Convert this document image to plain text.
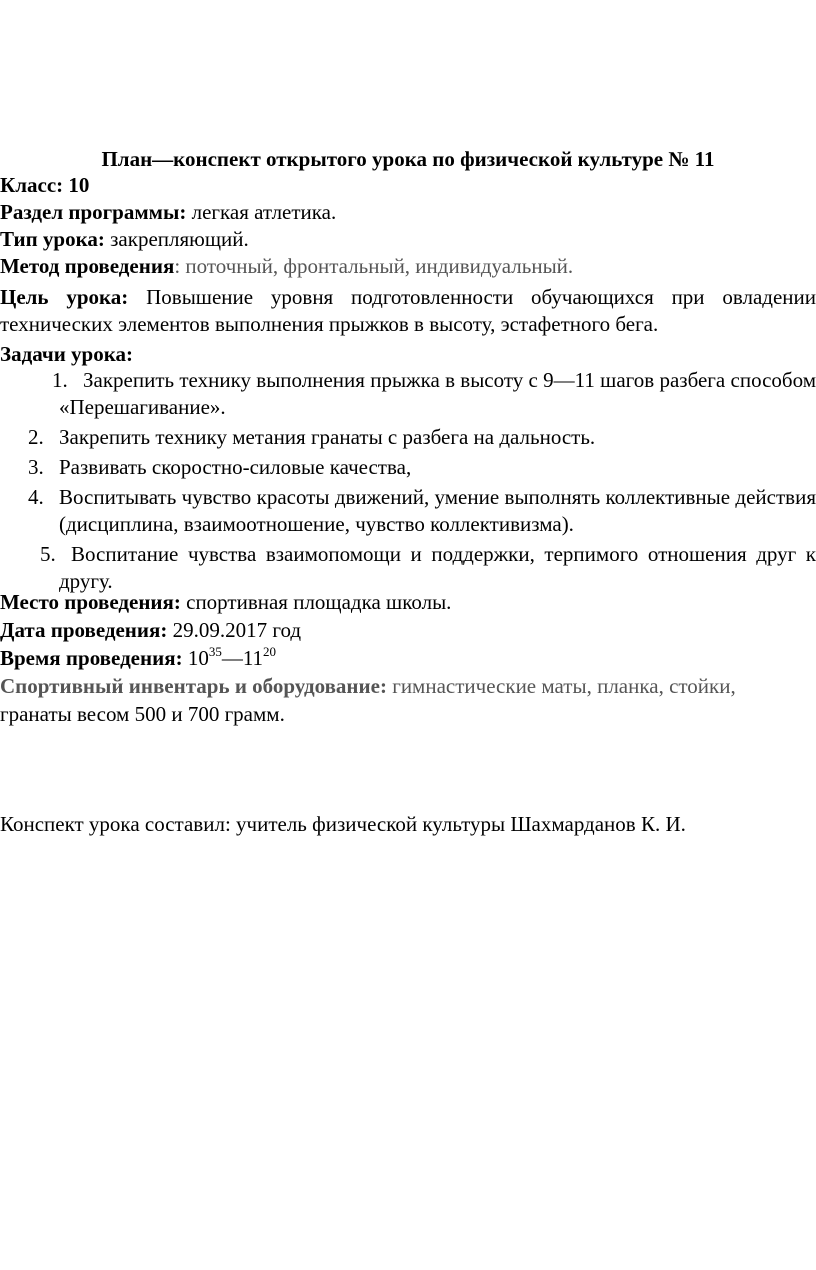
План—конспект открытого урока по физической культуре № 11
Класс: 10
Раздел программы: легкая атлетика.
Тип урока: закрепляющий.
Метод проведения: поточный, фронтальный, индивидуальный.
Цель урока: Повышение уровня подготовленности обучающихся при овладении технических элементов выполнения прыжков в высоту, эстафетного бега.
Задачи урока:
1. Закрепить технику выполнения прыжка в высоту с 9—11 шагов разбега способом «Перешагивание».
2. Закрепить технику метания гранаты с разбега на дальность.
3. Развивать скоростно-силовые качества,
4. Воспитывать чувство красоты движений, умение выполнять коллективные действия (дисциплина, взаимоотношение, чувство коллективизма).
5. Воспитание чувства взаимопомощи и поддержки, терпимого отношения друг к другу.
Место проведения: спортивная площадка школы.
Дата проведения: 29.09.2017 год
Время проведения: $10^{35}—11^{20}$
Спортивный инвентарь и оборудование: гимнастические маты, планка, стойки,
гранаты весом 500 и 700 грамм.
Конспект урока составил: учитель физической культуры Шахмарданов К. И.
